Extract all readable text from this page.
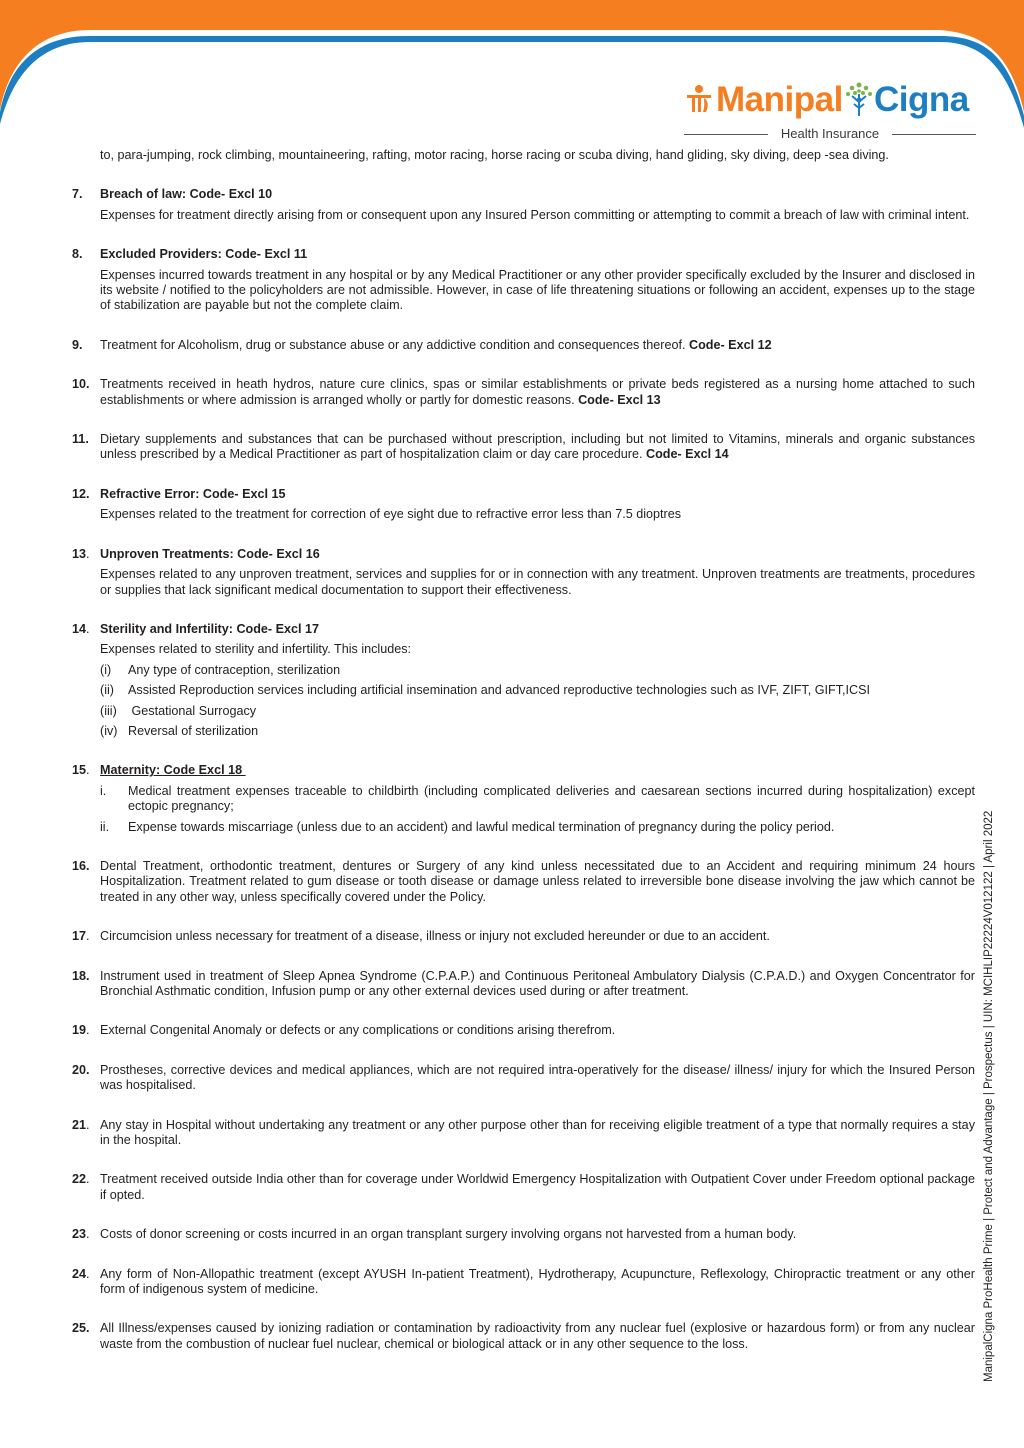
Manipal Cigna
Health Insurance

to, para-jumping, rock climbing, mountaineering, rafting, motor racing, horse racing or scuba diving, hand gliding, sky diving, deep -sea diving.

7. Breach of law: Code- Excl 10

Expenses for treatment directly arising from or consequent upon any Insured Person committing or attempting to commit a breach of law with criminal intent.

8. Excluded Providers: Code- Excl 11

Expenses incurred towards treatment in any hospital or by any Medical Practitioner or any other provider specifically excluded by the Insurer and disclosed in its website / notified to the policyholders are not admissible. However, in case of life threatening situations or following an accident, expenses up to the stage of stabilization are payable but not the complete claim.

9. Treatment for Alcoholism, drug or substance abuse or any addictive condition and consequences thereof. Code- Excl 12

10. Treatments received in heath hydros, nature cure clinics, spas or similar establishments or private beds registered as a nursing home attached to such establishments or where admission is arranged wholly or partly for domestic reasons. Code- Excl 13

11. Dietary supplements and substances that can be purchased without prescription, including but not limited to Vitamins, minerals and organic substances unless prescribed by a Medical Practitioner as part of hospitalization claim or day care procedure. Code- Excl 14

12. Refractive Error: Code- Excl 15

Expenses related to the treatment for correction of eye sight due to refractive error less than 7.5 dioptres

13. Unproven Treatments: Code- Excl 16

Expenses related to any unproven treatment, services and supplies for or in connection with any treatment. Unproven treatments are treatments, procedures or supplies that lack significant medical documentation to support their effectiveness.

14. Sterility and Infertility: Code- Excl 17

Expenses related to sterility and infertility. This includes:

(i) Any type of contraception, sterilization

(ii) Assisted Reproduction services including artificial insemination and advanced reproductive technologies such as IVF, ZIFT, GIFT,ICSI

(iii) Gestational Surrogacy

(iv) Reversal of sterilization

15. Maternity: Code Excl 18
i. Medical treatment expenses traceable to childbirth (including complicated deliveries and caesarean sections incurred during hospitalization) except ectopic pregnancy;

ii. Expense towards miscarriage (unless due to an accident) and lawful medical termination of pregnancy during the policy period.

16. Dental Treatment, orthodontic treatment, dentures or Surgery of any kind unless necessitated due to an Accident and requiring minimum 24 hours Hospitalization. Treatment related to gum disease or tooth disease or damage unless related to irreversible bone disease involving the jaw which cannot be treated in any other way, unless specifically covered under the Policy.

17. Circumcision unless necessary for treatment of a disease, illness or injury not excluded hereunder or due to an accident.

18. Instrument used in treatment of Sleep Apnea Syndrome (C.P.A.P.) and Continuous Peritoneal Ambulatory Dialysis (C.P.A.D.) and Oxygen Concentrator for Bronchial Asthmatic condition, Infusion pump or any other external devices used during or after treatment.

19. External Congenital Anomaly or defects or any complications or conditions arising therefrom.

20. Prostheses, corrective devices and medical appliances, which are not required intra-operatively for the disease/ illness/ injury for which the Insured Person was hospitalised.

21. Any stay in Hospital without undertaking any treatment or any other purpose other than for receiving eligible treatment of a type that normally requires a stay in the hospital.

22. Treatment received outside India other than for coverage under Worldwid Emergency Hospitalization with Outpatient Cover under Freedom optional package if opted.

23. Costs of donor screening or costs incurred in an organ transplant surgery involving organs not harvested from a human body.

24. Any form of Non-Allopathic treatment (except AYUSH In-patient Treatment), Hydrotherapy, Acupuncture, Reflexology, Chiropractic treatment or any other form of indigenous system of medicine.

25. All Illness/expenses caused by ionizing radiation or contamination by radioactivity from any nuclear fuel (explosive or hazardous form) or from any nuclear waste from the combustion of nuclear fuel nuclear, chemical or biological attack or in any other sequence to the loss.	ManipalCigna ProHealth Prime | Protect and Advantage | Prospectus | UIN: MCIHLIP22224V012122 | April 2022
